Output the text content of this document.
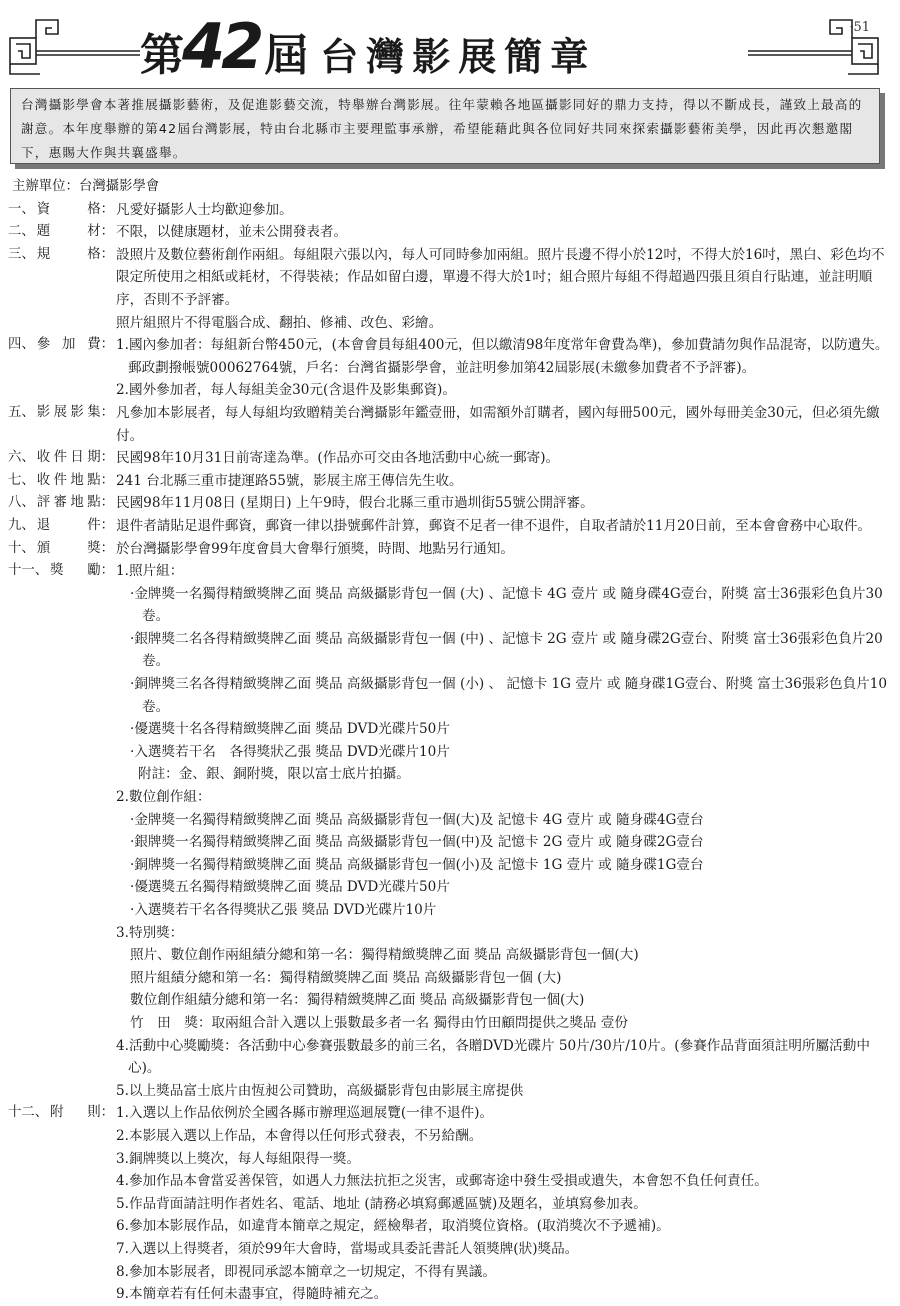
·51
第 42 屆 台灣影展簡章
台灣攝影學會本著推展攝影藝術，及促進影藝交流，特舉辦台灣影展。往年蒙賴各地區攝影同好的鼎力支持，得以不斷成長，謹致上最高的謝意。本年度舉辦的第42屆台灣影展，特由台北縣市主要理監事承辦，希望能藉此與各位同好共同來探索攝影藝術美學，因此再次懇邀閣下，惠賜大作與共襄盛舉。
主辦單位：台灣攝影學會
一、 資格 ： 凡愛好攝影人士均歡迎參加。

二、 題材 ： 不限，以健康題材，並未公開發表者。

三、 規格 ： 設照片及數位藝術創作兩組。每組限六張以內，每人可同時參加兩組。照片長邊不得小於12吋，不得大於16吋，黑白、彩色均不限定所使用之相紙或耗材，不得裝裱；作品如留白邊，單邊不得大於1吋；組合照片每組不得超過四張且須自行貼連，並註明順序，否則不予評審。

照片組照片不得電腦合成、翻拍、修補、改色、彩繪。

四、 參加費 ： 1.國內參加者：每組新台幣450元，(本會會員每組400元，但以繳清98年度常年會費為準)，參加費請勿與作品混寄，以防遺失。郵政劃撥帳號00062764號，戶名：台灣省攝影學會，並註明參加第42屆影展(未繳參加費者不予評審)。

2.國外參加者，每人每組美金30元(含退件及影集郵資)。

五、 影展影集 ： 凡參加本影展者，每人每組均致贈精美台灣攝影年鑑壹冊，如需額外訂購者，國內每冊500元，國外每冊美金30元，但必須先繳付。

六、 收件日期 ： 民國98年10月31日前寄達為準。(作品亦可交由各地活動中心統一郵寄)。

七、 收件地點 ： 241 台北縣三重市捷運路55號，影展主席王傳信先生收。

八、 評審地點 ： 民國98年11月08日 (星期日) 上午9時，假台北縣三重市過圳街55號公開評審。

九、 退件 ： 退件者請貼足退件郵資，郵資一律以掛號郵件計算，郵資不足者一律不退件，自取者請於11月20日前，至本會會務中心取件。

十、 頒獎 ： 於台灣攝影學會99年度會員大會舉行頒獎，時間、地點另行通知。

十一、 獎勵 ： 1.照片組：

·金牌獎一名獨得精緻獎牌乙面 獎品 高級攝影背包一個 (大) 、記憶卡 4G 壹片 或 隨身碟4G壹台，附獎 富士36張彩色負片30卷。

·銀牌獎二名各得精緻獎牌乙面 獎品 高級攝影背包一個 (中) 、記憶卡 2G 壹片 或 隨身碟2G壹台、附獎 富士36張彩色負片20卷。

·銅牌獎三名各得精緻獎牌乙面 獎品 高級攝影背包一個 (小) 、 記憶卡 1G 壹片 或 隨身碟1G壹台、附獎 富士36張彩色負片10卷。

·優選獎十名各得精緻獎牌乙面 獎品 DVD光碟片50片

·入選獎若干名　各得獎狀乙張 獎品 DVD光碟片10片

附註：金、銀、銅附獎，限以富士底片拍攝。

2.數位創作組：

·金牌獎一名獨得精緻獎牌乙面 獎品 高級攝影背包一個(大)及 記憶卡 4G 壹片 或 隨身碟4G壹台

·銀牌獎一名獨得精緻獎牌乙面 獎品 高級攝影背包一個(中)及 記憶卡 2G 壹片 或 隨身碟2G壹台

·銅牌獎一名獨得精緻獎牌乙面 獎品 高級攝影背包一個(小)及 記憶卡 1G 壹片 或 隨身碟1G壹台

·優選獎五名獨得精緻獎牌乙面 獎品 DVD光碟片50片

·入選獎若干名各得獎狀乙張 獎品 DVD光碟片10片

3.特別獎：

照片、數位創作兩組績分總和第一名：獨得精緻獎牌乙面 獎品 高級攝影背包一個(大)

照片組績分總和第一名：獨得精緻獎牌乙面 獎品 高級攝影背包一個 (大)

數位創作組績分總和第一名：獨得精緻獎牌乙面 獎品 高級攝影背包一個(大)

竹　田　獎：取兩組合計入選以上張數最多者一名 獨得由竹田顧問提供之獎品 壹份

4.活動中心獎勵獎：各活動中心參賽張數最多的前三名，各贈DVD光碟片 50片/30片/10片。(參賽作品背面須註明所屬活動中心)。

5.以上獎品富士底片由恆昶公司贊助，高級攝影背包由影展主席提供

十二、 附則 ： 1.入選以上作品依例於全國各縣市辦理巡迴展覽(一律不退件)。

2.本影展入選以上作品，本會得以任何形式發表，不另給酬。

3.銅牌獎以上獎次，每人每組限得一獎。

4.參加作品本會當妥善保管，如遇人力無法抗拒之災害，或郵寄途中發生受損或遺失，本會恕不負任何責任。

5.作品背面請註明作者姓名、電話、地址 (請務必填寫郵遞區號)及題名，並填寫參加表。

6.參加本影展作品，如違背本簡章之規定，經檢舉者，取消獎位資格。(取消獎次不予遞補)。

7.入選以上得獎者，須於99年大會時，當場或具委託書託人領獎牌(狀)獎品。

8.參加本影展者，即視同承認本簡章之一切規定，不得有異議。

9.本簡章若有任何未盡事宜，得隨時補充之。
